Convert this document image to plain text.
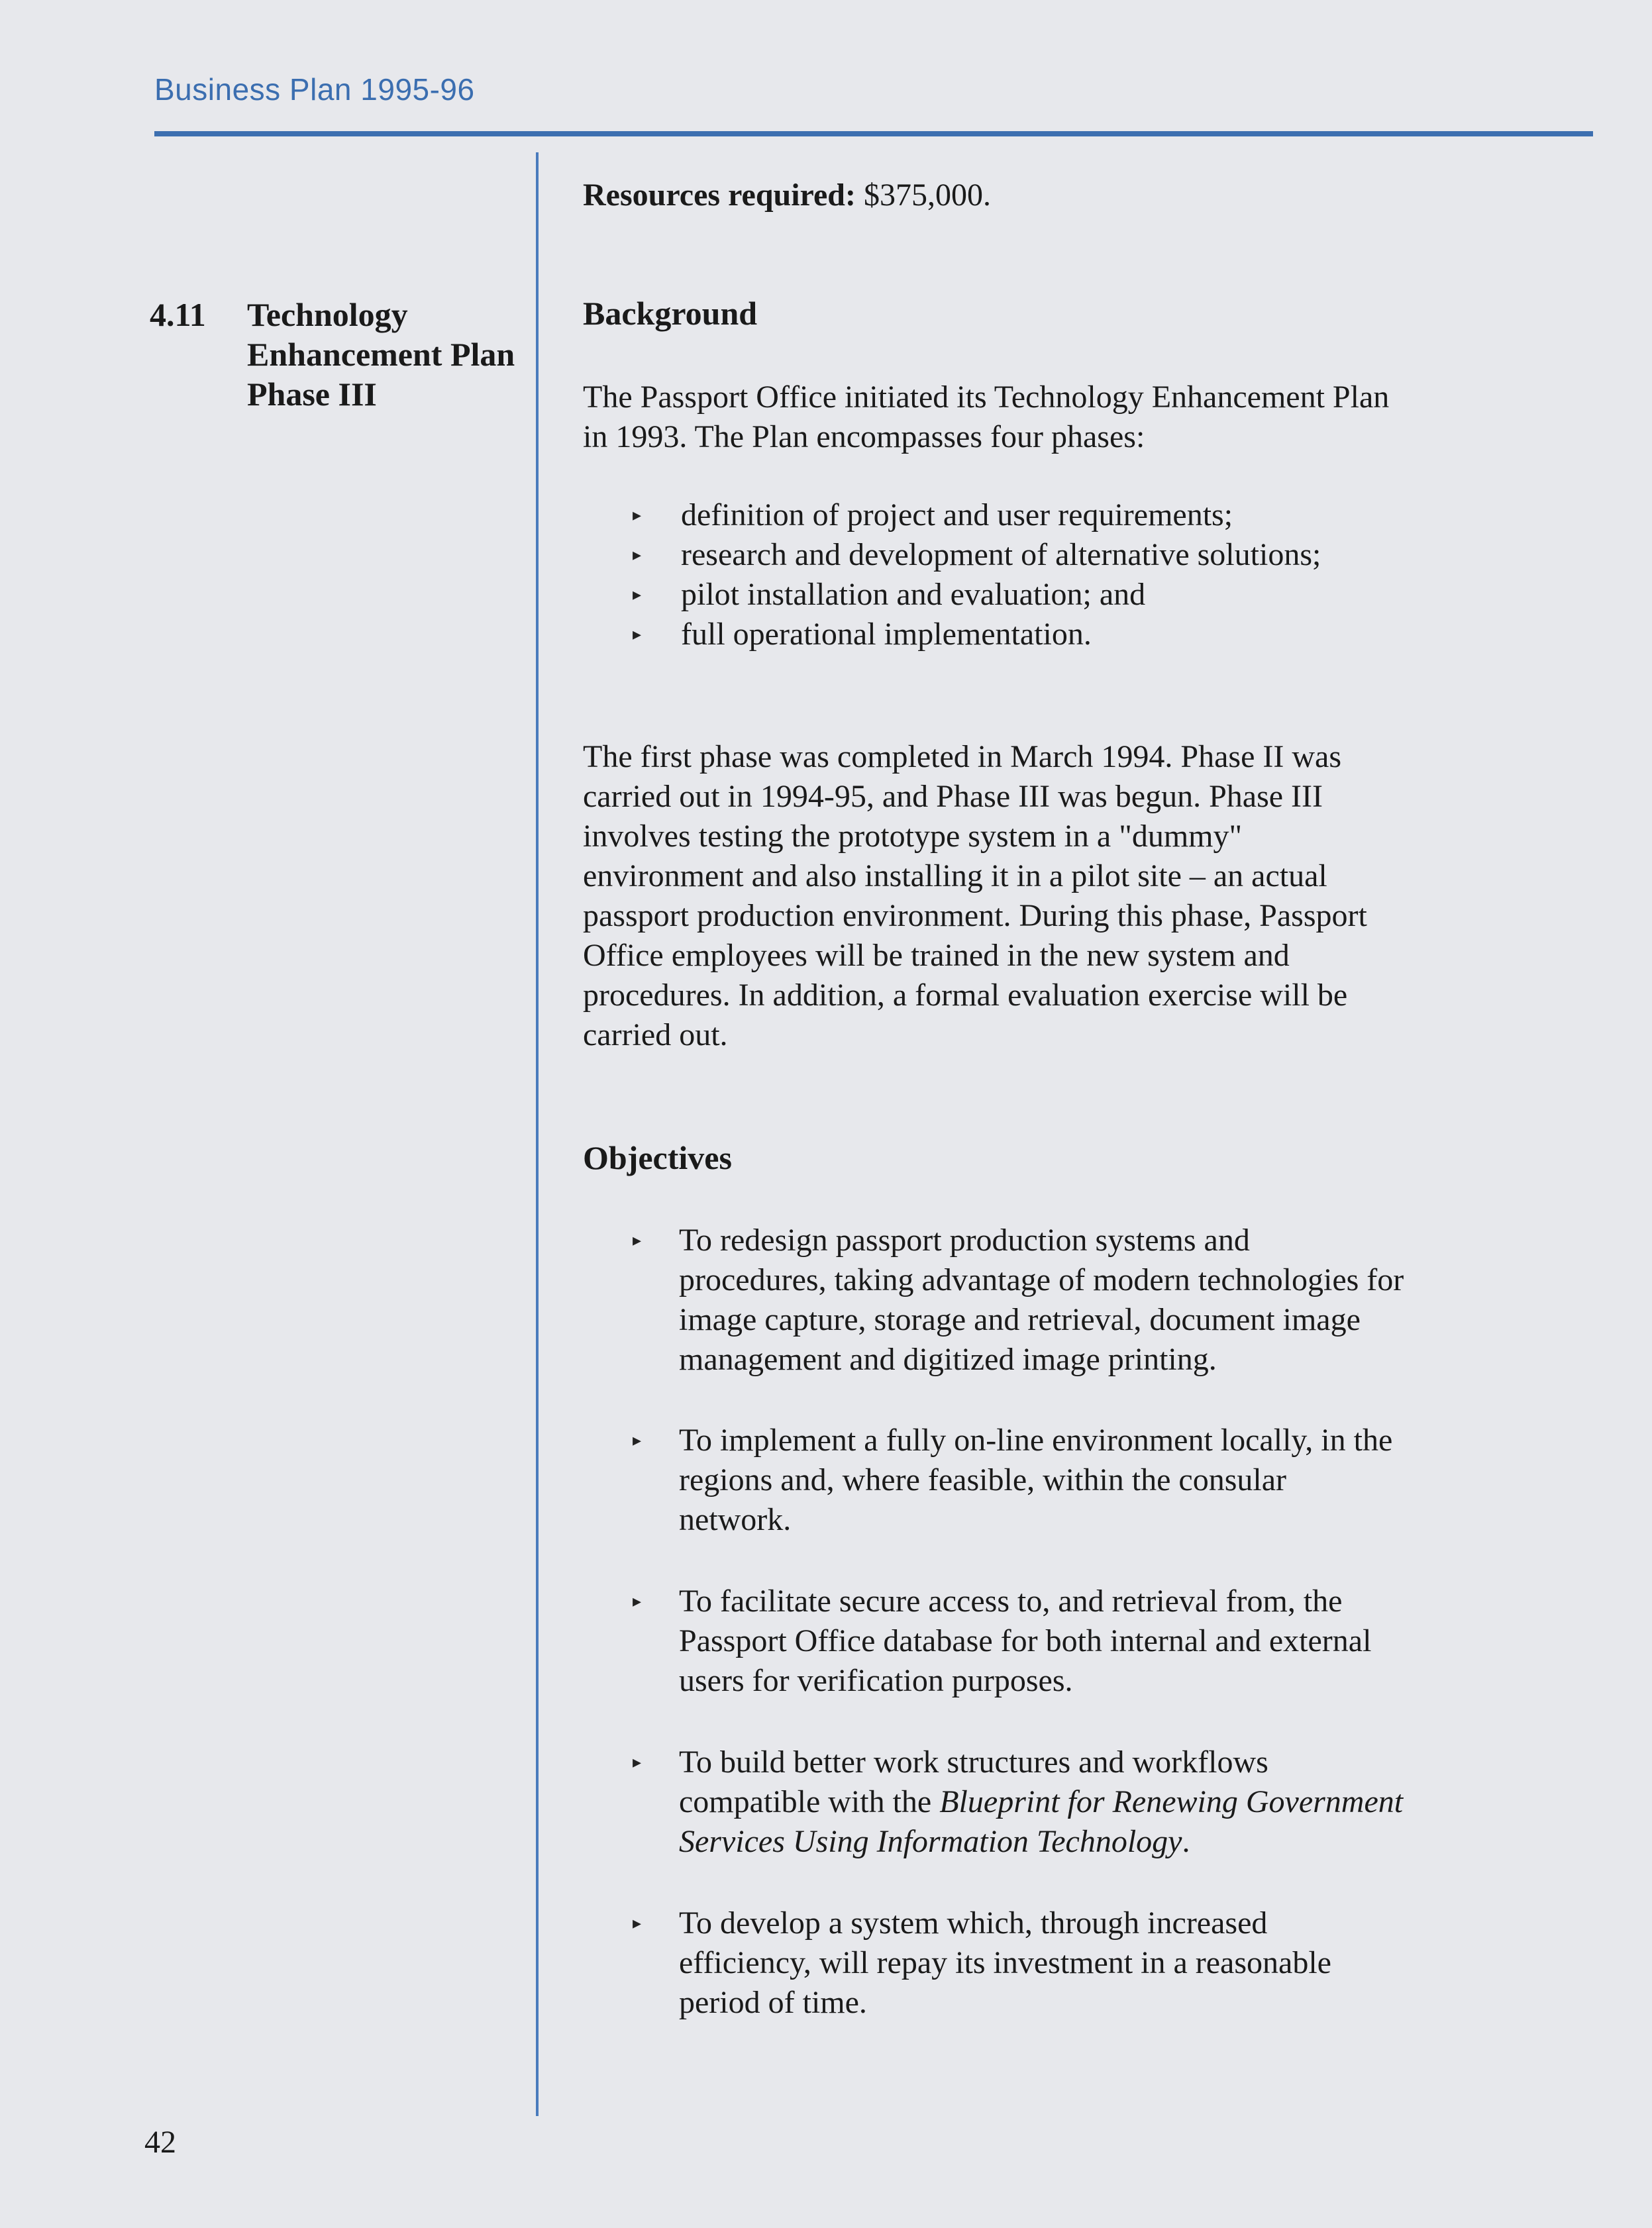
Business Plan 1995-96
4.11 Technology
Enhancement Plan
Phase III
Resources required: $375,000.
Background
The Passport Office initiated its Technology Enhancement Plan
in 1993. The Plan encompasses four phases:
▸ definition of project and user requirements;
▸ research and development of alternative solutions;
▸ pilot installation and evaluation; and
▸ full operational implementation.
The first phase was completed in March 1994. Phase II was
carried out in 1994-95, and Phase III was begun. Phase III
involves testing the prototype system in a "dummy"
environment and also installing it in a pilot site – an actual
passport production environment. During this phase, Passport
Office employees will be trained in the new system and
procedures. In addition, a formal evaluation exercise will be
carried out.
Objectives
▸ To redesign passport production systems and
procedures, taking advantage of modern technologies for
image capture, storage and retrieval, document image
management and digitized image printing.
▸ To implement a fully on-line environment locally, in the
regions and, where feasible, within the consular
network.
▸ To facilitate secure access to, and retrieval from, the
Passport Office database for both internal and external
users for verification purposes.
▸ To build better work structures and workflows
compatible with the Blueprint for Renewing Government
Services Using Information Technology.
▸ To develop a system which, through increased
efficiency, will repay its investment in a reasonable
period of time.
42
